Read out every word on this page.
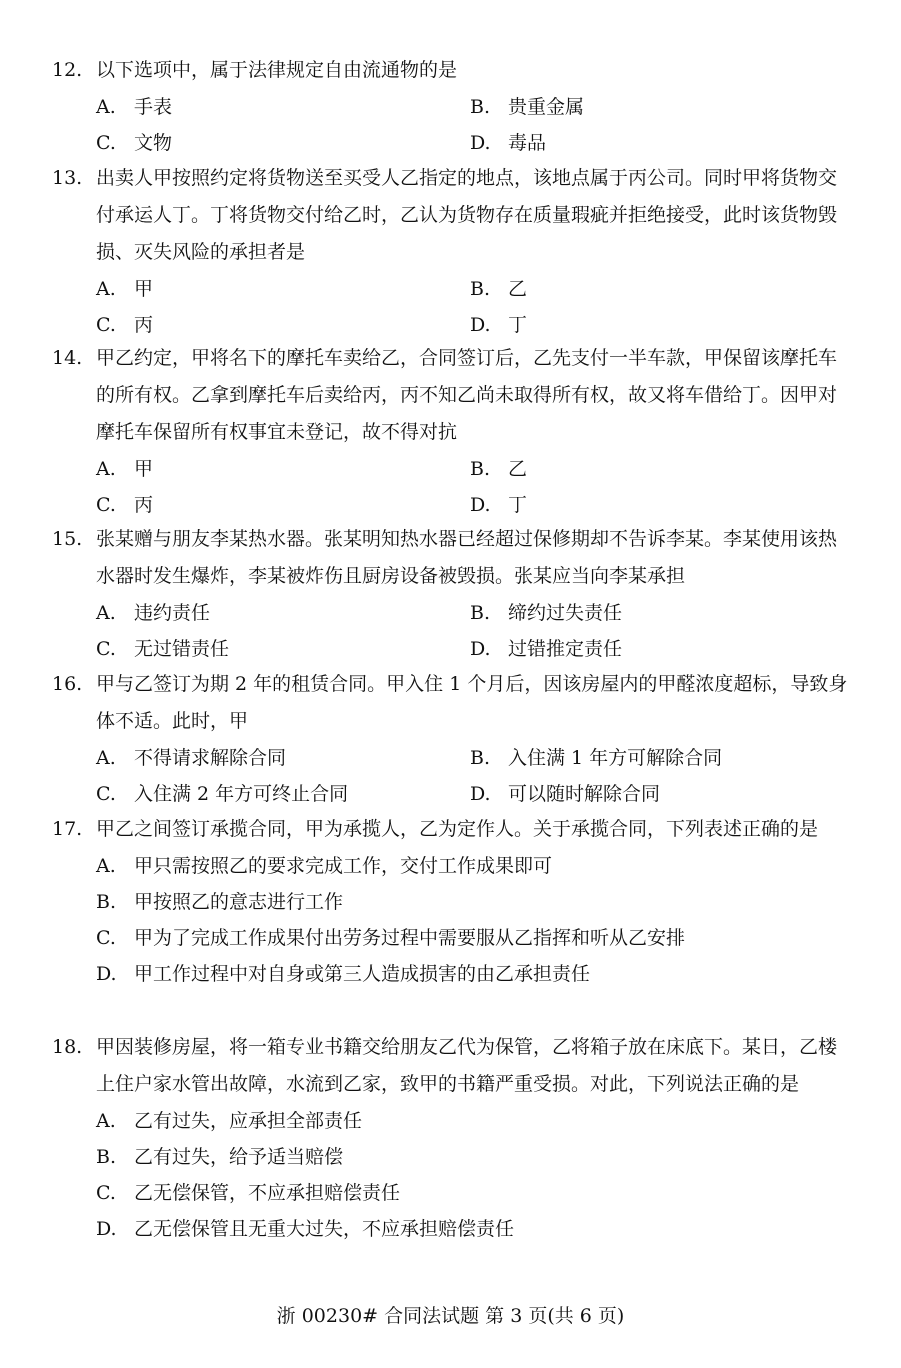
12. 以下选项中，属于法律规定自由流通物的是

A. 手表	B. 贵重金属
C. 文物	D. 毒品

13. 出卖人甲按照约定将货物送至买受人乙指定的地点，该地点属于丙公司。同时甲将货物交付承运人丁。丁将货物交付给乙时，乙认为货物存在质量瑕疵并拒绝接受，此时该货物毁损、灭失风险的承担者是

A. 甲	B. 乙
C. 丙	D. 丁

14. 甲乙约定，甲将名下的摩托车卖给乙，合同签订后，乙先支付一半车款，甲保留该摩托车的所有权。乙拿到摩托车后卖给丙，丙不知乙尚未取得所有权，故又将车借给丁。因甲对摩托车保留所有权事宜未登记，故不得对抗

A. 甲	B. 乙
C. 丙	D. 丁

15. 张某赠与朋友李某热水器。张某明知热水器已经超过保修期却不告诉李某。李某使用该热水器时发生爆炸，李某被炸伤且厨房设备被毁损。张某应当向李某承担

A. 违约责任	B. 缔约过失责任
C. 无过错责任	D. 过错推定责任

16. 甲与乙签订为期 2 年的租赁合同。甲入住 1 个月后，因该房屋内的甲醛浓度超标，导致身体不适。此时，甲

A. 不得请求解除合同	B. 入住满 1 年方可解除合同
C. 入住满 2 年方可终止合同	D. 可以随时解除合同

17. 甲乙之间签订承揽合同，甲为承揽人，乙为定作人。关于承揽合同，下列表述正确的是

A. 甲只需按照乙的要求完成工作，交付工作成果即可
B. 甲按照乙的意志进行工作
C. 甲为了完成工作成果付出劳务过程中需要服从乙指挥和听从乙安排
D. 甲工作过程中对自身或第三人造成损害的由乙承担责任

18. 甲因装修房屋，将一箱专业书籍交给朋友乙代为保管，乙将箱子放在床底下。某日，乙楼上住户家水管出故障，水流到乙家，致甲的书籍严重受损。对此，下列说法正确的是

A. 乙有过失，应承担全部责任
B. 乙有过失，给予适当赔偿
C. 乙无偿保管，不应承担赔偿责任
D. 乙无偿保管且无重大过失，不应承担赔偿责任
浙 00230# 合同法试题 第 3 页(共 6 页)
